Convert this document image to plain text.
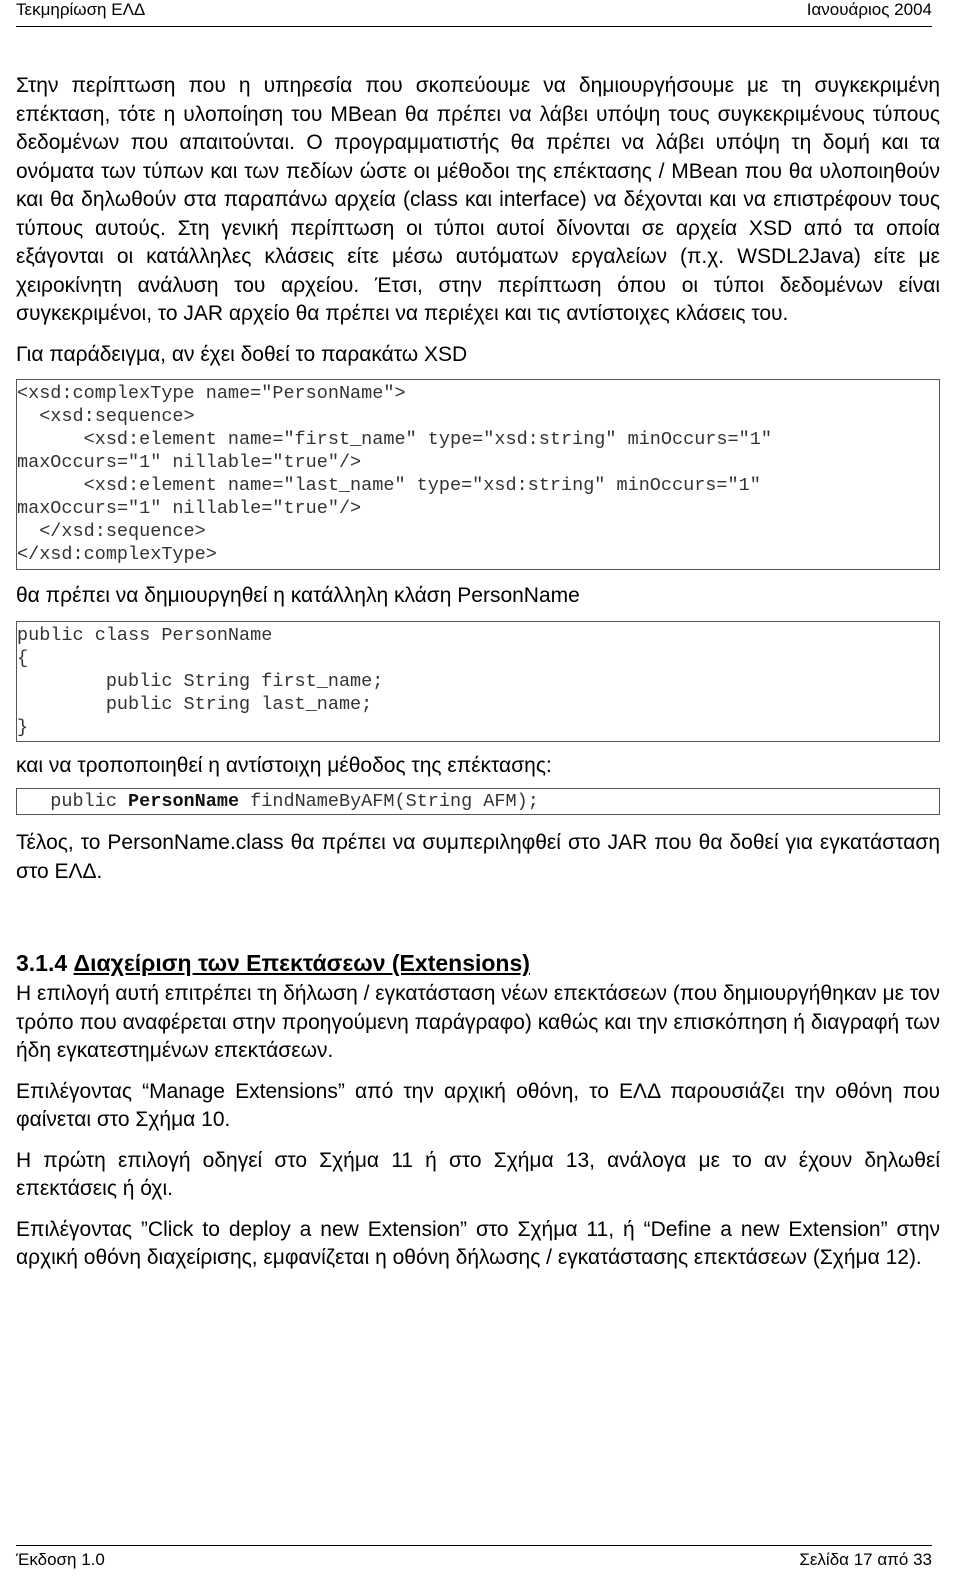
Τεκμηρίωση ΕΛΔ	Ιανουάριος 2004

Στην περίπτωση που η υπηρεσία που σκοπεύουμε να δημιουργήσουμε με τη συγκεκριμένη επέκταση, τότε η υλοποίηση του MBean θα πρέπει να λάβει υπόψη τους συγκεκριμένους τύπους δεδομένων που απαιτούνται. Ο προγραμματιστής θα πρέπει να λάβει υπόψη τη δομή και τα ονόματα των τύπων και των πεδίων ώστε οι μέθοδοι της επέκτασης / MBean που θα υλοποιηθούν και θα δηλωθούν στα παραπάνω αρχεία (class και interface) να δέχονται και να επιστρέφουν τους τύπους αυτούς. Στη γενική περίπτωση οι τύποι αυτοί δίνονται σε αρχεία XSD από τα οποία εξάγονται οι κατάλληλες κλάσεις είτε μέσω αυτόματων εργαλείων (π.χ. WSDL2Java) είτε με χειροκίνητη ανάλυση του αρχείου. Έτσι, στην περίπτωση όπου οι τύποι δεδομένων είναι συγκεκριμένοι, το JAR αρχείο θα πρέπει να περιέχει και τις αντίστοιχες κλάσεις του.

Για παράδειγμα, αν έχει δοθεί το παρακάτω XSD

<xsd:complexType name="PersonName">
<xsd:sequence>
<xsd:element name="first_name" type="xsd:string" minOccurs="1"
maxOccurs="1" nillable="true"/>
<xsd:element name="last_name" type="xsd:string" minOccurs="1"
maxOccurs="1" nillable="true"/>
</xsd:sequence>
</xsd:complexType>

θα πρέπει να δημιουργηθεί η κατάλληλη κλάση PersonName

public class PersonName
{
public String first_name;
public String last_name;
}

και να τροποποιηθεί η αντίστοιχη μέθοδος της επέκτασης:

public PersonName findNameByAFM(String AFM);

Τέλος, το PersonName.class θα πρέπει να συμπεριληφθεί στο JAR που θα δοθεί για εγκατάσταση στο ΕΛΔ.

3.1.4 Διαχείριση των Επεκτάσεων (Extensions)

Η επιλογή αυτή επιτρέπει τη δήλωση / εγκατάσταση νέων επεκτάσεων (που δημιουργήθηκαν με τον τρόπο που αναφέρεται στην προηγούμενη παράγραφο) καθώς και την επισκόπηση ή διαγραφή των ήδη εγκατεστημένων επεκτάσεων.

Επιλέγοντας “Manage Extensions” από την αρχική οθόνη, το ΕΛΔ παρουσιάζει την οθόνη που φαίνεται στο Σχήμα 10.

Η πρώτη επιλογή οδηγεί στο Σχήμα 11 ή στο Σχήμα 13, ανάλογα με το αν έχουν δηλωθεί επεκτάσεις ή όχι.

Επιλέγοντας ”Click to deploy a new Extension” στο Σχήμα 11, ή “Define a new Extension” στην αρχική οθόνη διαχείρισης, εμφανίζεται η οθόνη δήλωσης / εγκατάστασης επεκτάσεων (Σχήμα 12).

Έκδοση 1.0	Σελίδα 17 από 33
